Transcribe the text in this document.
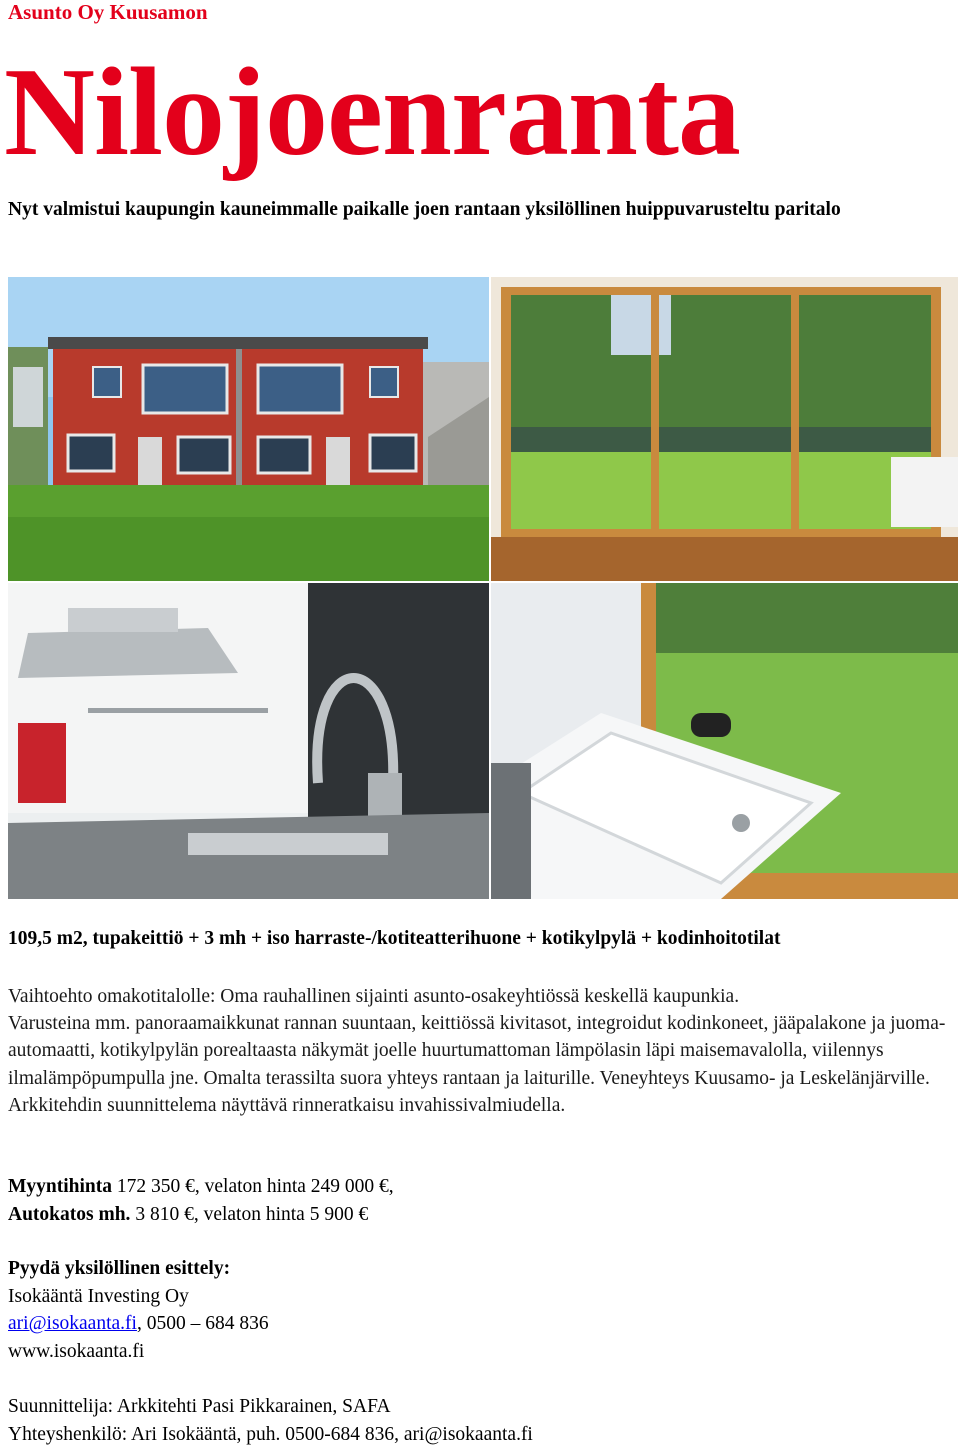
Asunto Oy Kuusamon
Nilojoenranta
Nyt valmistui kaupungin kauneimmalle paikalle joen rantaan yksilöllinen huippuvarusteltu paritalo
109,5 m2, tupakeittiö + 3 mh + iso harraste-/kotiteatterihuone + kotikylpylä + kodinhoitotilat

Vaihtoehto omakotitalolle: Oma rauhallinen sijainti asunto-osakeyhtiössä keskellä kaupunkia.

Varusteina mm. panoraamaikkunat rannan suuntaan, keittiössä kivitasot, integroidut kodinkoneet, jääpalakone ja juoma-automaatti, kotikylpylän porealtaasta näkymät joelle huurtumattoman lämpölasin läpi maisemavalolla, viilennys ilmalämpöpumpulla jne. Omalta terassilta suora yhteys rantaan ja laiturille. Veneyhteys Kuusamo- ja Leskelänjärville. Arkkitehdin suunnittelema näyttävä rinneratkaisu invahissivalmiudella.

Myyntihinta 172 350 €, velaton hinta 249 000 €,
Autokatos mh. 3 810 €, velaton hinta 5 900 €
Pyydä yksilöllinen esittely:
Isokääntä Investing Oy
ari@isokaanta.fi, 0500 – 684 836
www.isokaanta.fi
Suunnittelija: Arkkitehti Pasi Pikkarainen, SAFA
Yhteyshenkilö: Ari Isokääntä, puh. 0500-684 836, ari@isokaanta.fi
